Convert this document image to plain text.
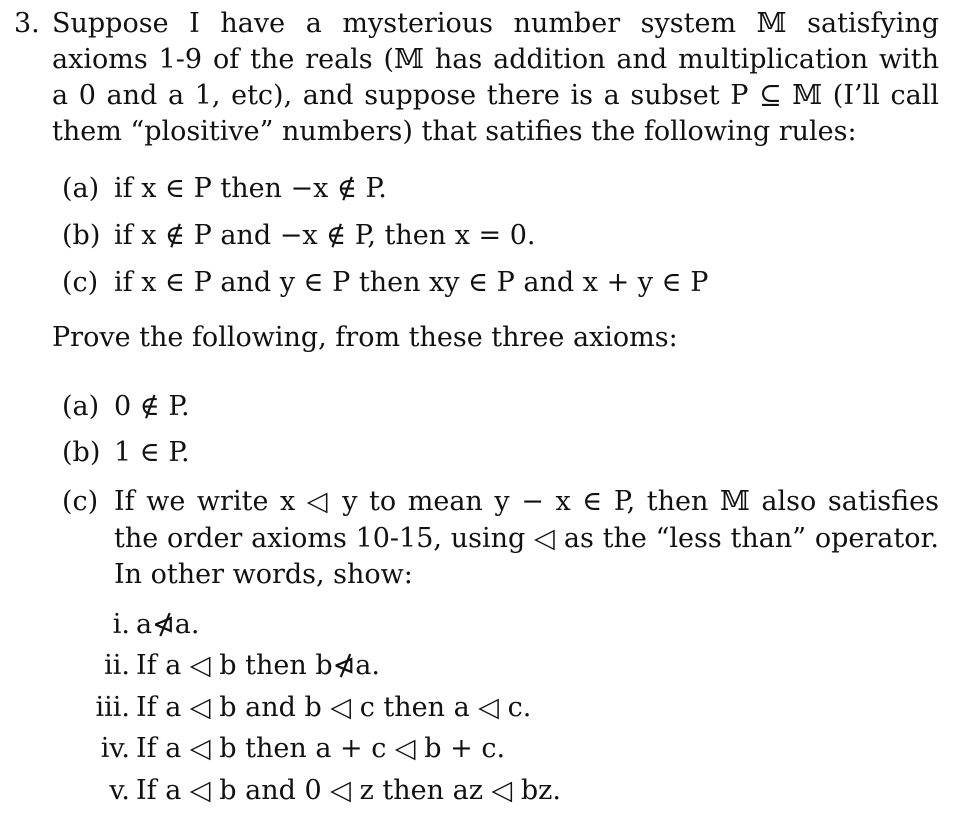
3. Suppose I have a mysterious number system 𝕄 satisfying axioms 1-9 of the reals (𝕄 has addition and multiplication with a 0 and a 1, etc), and suppose there is a subset P ⊆ 𝕄 (I’ll call them “plositive” numbers) that satifies the following rules:
(a) if x ∈ P then −x ∉ P.
(b) if x ∉ P and −x ∉ P, then x = 0.
(c) if x ∈ P and y ∈ P then xy ∈ P and x + y ∈ P
Prove the following, from these three axioms:
(a) 0 ∉ P.
(b) 1 ∈ P.
(c) If we write x ◁ y to mean y − x ∈ P, then 𝕄 also satisfies the order axioms 10-15, using ◁ as the “less than” operator. In other words, show:
i. a⋪a.
ii. If a ◁ b then b⋪a.
iii. If a ◁ b and b ◁ c then a ◁ c.
iv. If a ◁ b then a + c ◁ b + c.
v. If a ◁ b and 0 ◁ z then az ◁ bz.
